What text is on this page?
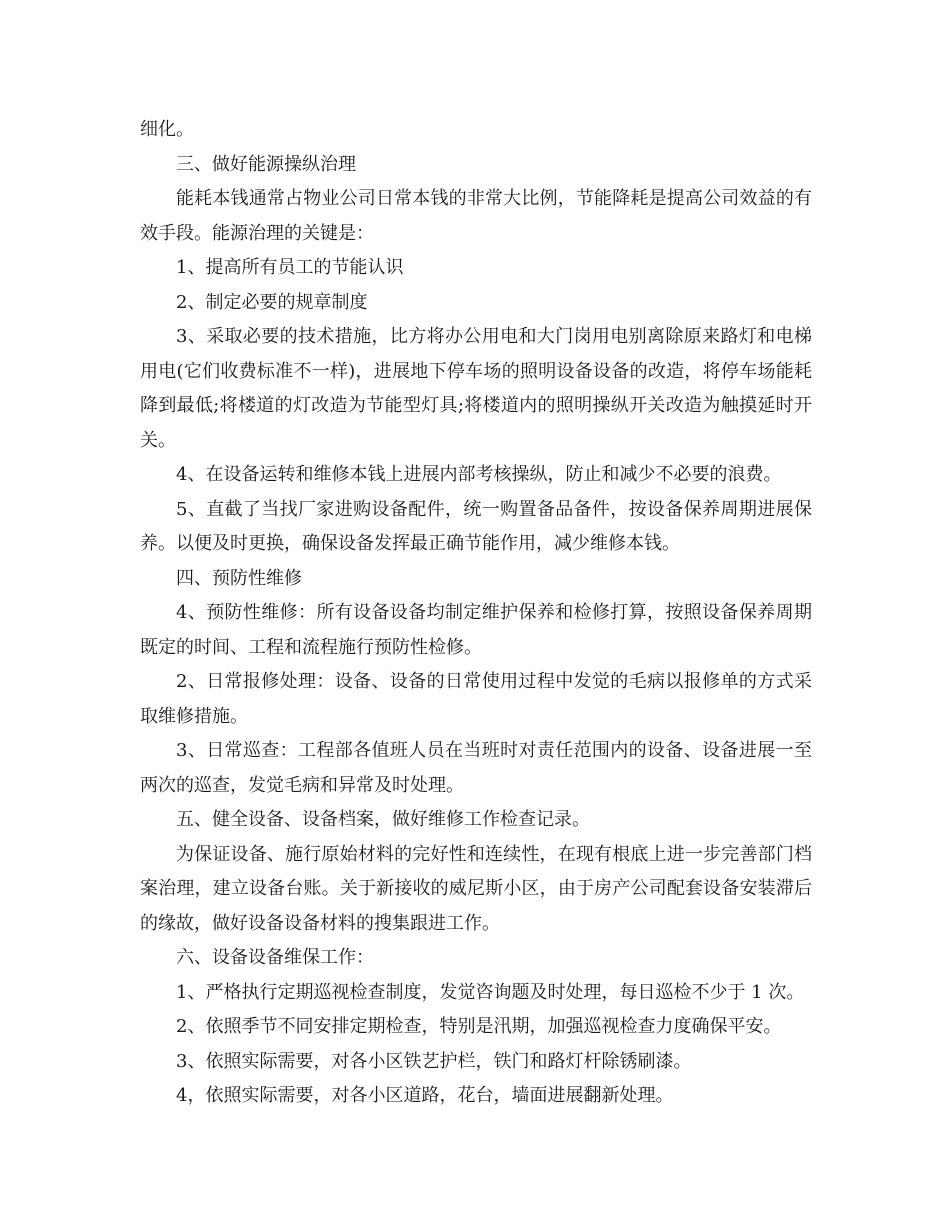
细化。

三、做好能源操纵治理

能耗本钱通常占物业公司日常本钱的非常大比例，节能降耗是提高公司效益的有效手段。能源治理的关键是：

1、提高所有员工的节能认识

2、制定必要的规章制度

3、采取必要的技术措施，比方将办公用电和大门岗用电别离除原来路灯和电梯用电(它们收费标准不一样)，进展地下停车场的照明设备设备的改造，将停车场能耗降到最低;将楼道的灯改造为节能型灯具;将楼道内的照明操纵开关改造为触摸延时开关。

4、在设备运转和维修本钱上进展内部考核操纵，防止和减少不必要的浪费。

5、直截了当找厂家进购设备配件，统一购置备品备件，按设备保养周期进展保养。以便及时更换，确保设备发挥最正确节能作用，减少维修本钱。

四、预防性维修

4、预防性维修：所有设备设备均制定维护保养和检修打算，按照设备保养周期既定的时间、工程和流程施行预防性检修。

2、日常报修处理：设备、设备的日常使用过程中发觉的毛病以报修单的方式采取维修措施。

3、日常巡查：工程部各值班人员在当班时对责任范围内的设备、设备进展一至两次的巡查，发觉毛病和异常及时处理。

五、健全设备、设备档案，做好维修工作检查记录。

为保证设备、施行原始材料的完好性和连续性，在现有根底上进一步完善部门档案治理，建立设备台账。关于新接收的威尼斯小区，由于房产公司配套设备安装滞后的缘故，做好设备设备材料的搜集跟进工作。

六、设备设备维保工作：

1、严格执行定期巡视检查制度，发觉咨询题及时处理，每日巡检不少于 1 次。

2、依照季节不同安排定期检查，特别是汛期，加强巡视检查力度确保平安。

3、依照实际需要，对各小区铁艺护栏，铁门和路灯杆除锈刷漆。

4，依照实际需要，对各小区道路，花台，墙面进展翻新处理。
